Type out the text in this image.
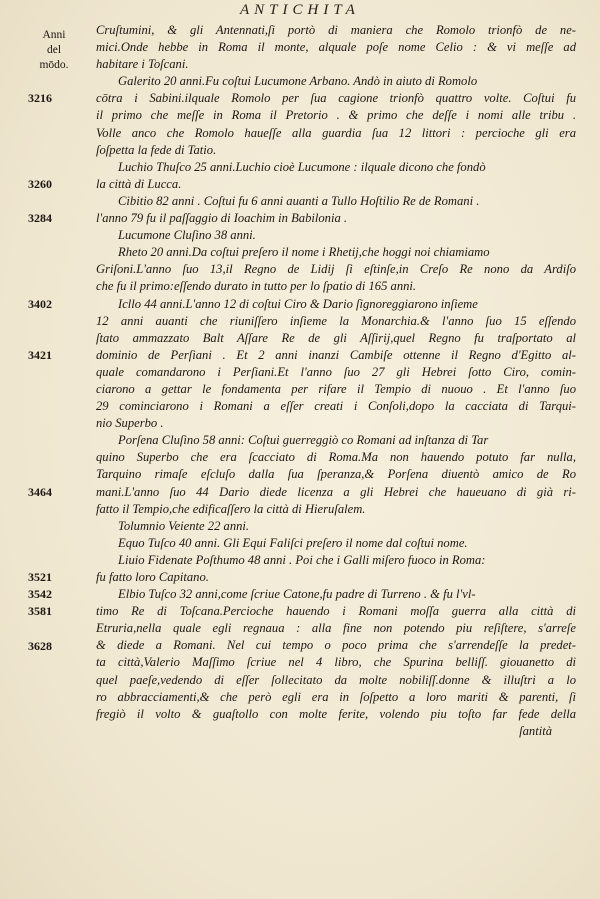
ANTICHITA
Anni
del
mōdo.
3216
3260
3284
3402
3421
3464
3521
3542
3581
3628
Cruſtumini, & gli Antennati,ſi portò di maniera che Romolo trionfò de ne-
mici.Onde hebbe in Roma il monte, alquale poſe nome Celio : & vi meſſe ad
habitare i Toſcani.
Galerito 20 anni.Fu coſtui Lucumone Arbano. Andò in aiuto di Romolo
cōtra i Sabini.ilquale Romolo per ſua cagione trionfò quattro volte. Coſtui fu
il primo che meſſe in Roma il Pretorio . & primo che deſſe i nomi alle tribu .
Volle anco che Romolo haueſſe alla guardia ſua 12 littori : percioche gli era
ſoſpetta la fede di Tatio.
Luchio Thuſco 25 anni.Luchio cioè Lucumone : ilquale dicono che fondò
la città di Lucca.
Cibitio 82 anni . Coſtui fu 6 anni auanti a Tullo Hoſtilio Re de Romani .
l'anno 79 fu il paſſaggio di Ioachim in Babilonia .
Lucumone Cluſino 38 anni.
Rheto 20 anni.Da coſtui preſero il nome i Rhetij,che hoggi noi chiamiamo
Griſoni.L'anno ſuo 13,il Regno de Lidij ſi eſtinſe,in Creſo Re nono da Ardiſo
che fu il primo:eſſendo durato in tutto per lo ſpatio di 165 anni.
Icllo 44 anni.L'anno 12 di coſtui Ciro & Dario ſignoreggiarono inſieme
12 anni auanti che riuniſſero inſieme la Monarchia.& l'anno ſuo 15 eſſendo
ſtato ammazzato Balt Aſſare Re de gli Aſſirij,quel Regno fu traſportato al
dominio de Perſiani . Et 2 anni inanzi Cambiſe ottenne il Regno d'Egitto al-
quale comandarono i Perſiani.Et l'anno ſuo 27 gli Hebrei ſotto Ciro, comin-
ciarono a gettar le fondamenta per rifare il Tempio di nuouo . Et l'anno ſuo
29 cominciarono i Romani a eſſer creati i Conſoli,dopo la cacciata di Tarqui-
nio Superbo .
Porſena Cluſino 58 anni: Coſtui guerreggiò co Romani ad inſtanza di Tar
quino Superbo che era ſcacciato di Roma.Ma non hauendo potuto far nulla,
Tarquino rimaſe eſcluſo dalla ſua ſperanza,& Porſena diuentò amico de Ro
mani.L'anno ſuo 44 Dario diede licenza a gli Hebrei che haueuano di già ri-
fatto il Tempio,che edificaſſero la città di Hieruſalem.
Tolumnio Veiente 22 anni.
Equo Tuſco 40 anni. Gli Equi Faliſci preſero il nome dal coſtui nome.
Liuio Fidenate Poſthumo 48 anni . Poi che i Galli miſero fuoco in Roma:
fu fatto loro Capitano.
Elbio Tuſco 32 anni,come ſcriue Catone,fu padre di Turreno . & fu l'vl-
timo Re di Toſcana.Percioche hauendo i Romani moſſa guerra alla città di
Etruria,nella quale egli regnaua : alla fine non potendo piu reſiſtere, s'arreſe
& diede a Romani. Nel cui tempo o poco prima che s'arrendeſſe la predet-
ta città,Valerio Maſſimo ſcriue nel 4 libro, che Spurina belliſſ. giouanetto di
quel paeſe,vedendo di eſſer ſollecitato da molte nobiliſſ.donne & illuſtri a lo
ro abbracciamenti,& che però egli era in ſoſpetto a loro mariti & parenti, ſi
fregiò il volto & guaſtollo con molte ferite, volendo piu toſto far fede della
ſantità
